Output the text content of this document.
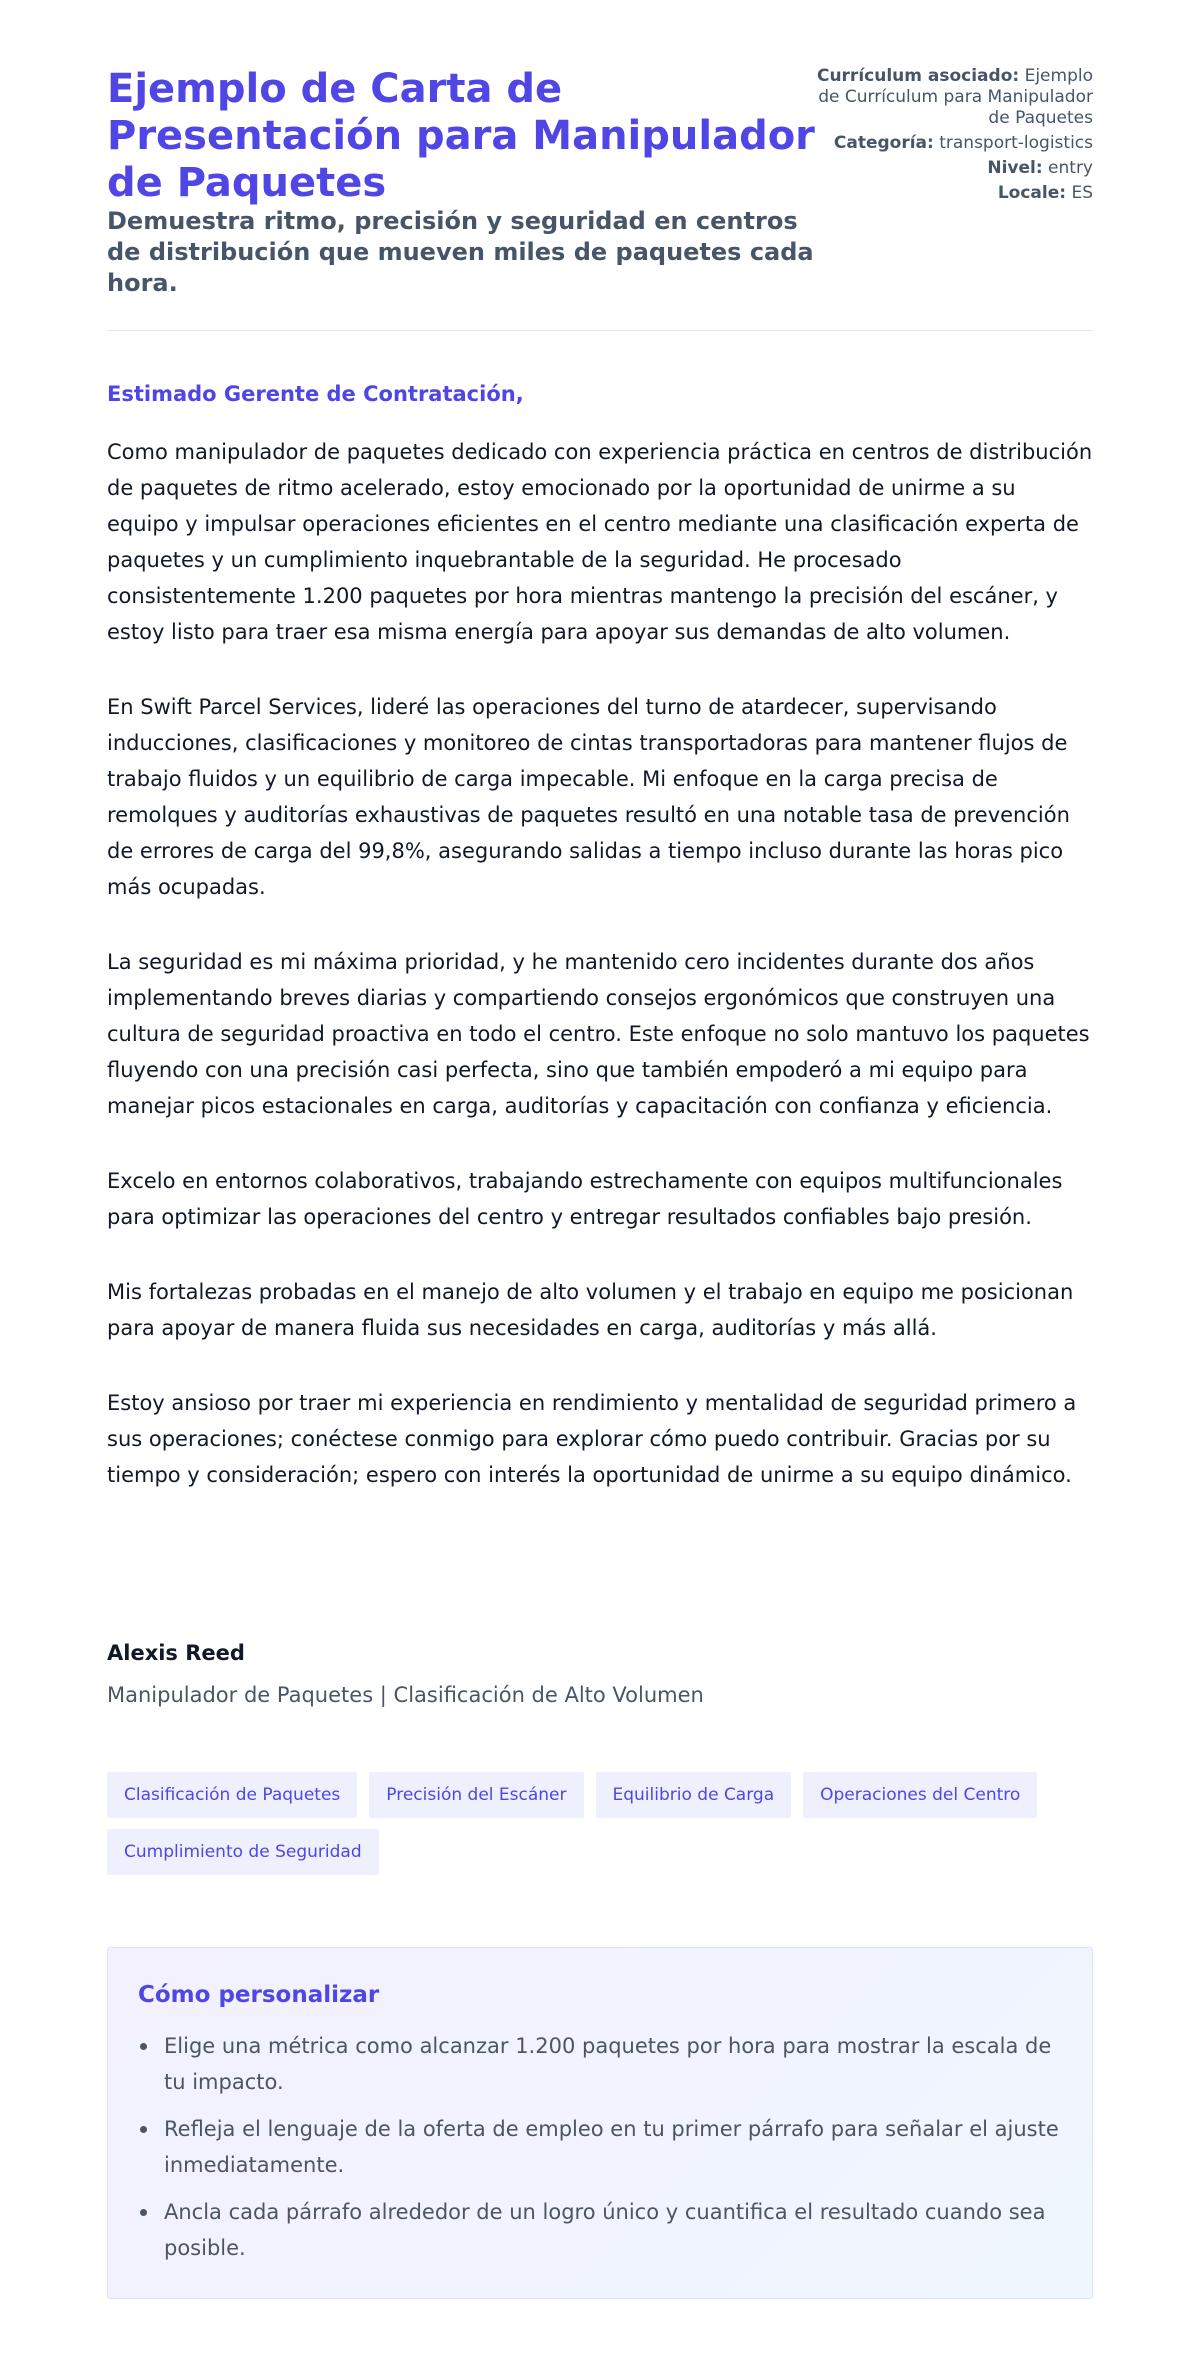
Ejemplo de Carta de Presentación para Manipulador de Paquetes
Demuestra ritmo, precisión y seguridad en centros de distribución que mueven miles de paquetes cada hora.
Currículum asociado: Ejemplo de Currículum para Manipulador de Paquetes
Categoría: transport-logistics
Nivel: entry
Locale: ES
Estimado Gerente de Contratación,

Como manipulador de paquetes dedicado con experiencia práctica en centros de distribución de paquetes de ritmo acelerado, estoy emocionado por la oportunidad de unirme a su equipo y impulsar operaciones eficientes en el centro mediante una clasificación experta de paquetes y un cumplimiento inquebrantable de la seguridad. He procesado consistentemente 1.200 paquetes por hora mientras mantengo la precisión del escáner, y estoy listo para traer esa misma energía para apoyar sus demandas de alto volumen.

En Swift Parcel Services, lideré las operaciones del turno de atardecer, supervisando inducciones, clasificaciones y monitoreo de cintas transportadoras para mantener flujos de trabajo fluidos y un equilibrio de carga impecable. Mi enfoque en la carga precisa de remolques y auditorías exhaustivas de paquetes resultó en una notable tasa de prevención de errores de carga del 99,8%, asegurando salidas a tiempo incluso durante las horas pico más ocupadas.

La seguridad es mi máxima prioridad, y he mantenido cero incidentes durante dos años implementando breves diarias y compartiendo consejos ergonómicos que construyen una cultura de seguridad proactiva en todo el centro. Este enfoque no solo mantuvo los paquetes fluyendo con una precisión casi perfecta, sino que también empoderó a mi equipo para manejar picos estacionales en carga, auditorías y capacitación con confianza y eficiencia.

Excelo en entornos colaborativos, trabajando estrechamente con equipos multifuncionales para optimizar las operaciones del centro y entregar resultados confiables bajo presión.

Mis fortalezas probadas en el manejo de alto volumen y el trabajo en equipo me posicionan para apoyar de manera fluida sus necesidades en carga, auditorías y más allá.

Estoy ansioso por traer mi experiencia en rendimiento y mentalidad de seguridad primero a sus operaciones; conéctese conmigo para explorar cómo puedo contribuir. Gracias por su tiempo y consideración; espero con interés la oportunidad de unirme a su equipo dinámico.

Alexis Reed
Manipulador de Paquetes | Clasificación de Alto Volumen
Clasificación de Paquetes	Precisión del Escáner	Equilibrio de Carga	Operaciones del Centro
Cumplimiento de Seguridad
Cómo personalizar
Elige una métrica como alcanzar 1.200 paquetes por hora para mostrar la escala de tu impacto.
Refleja el lenguaje de la oferta de empleo en tu primer párrafo para señalar el ajuste inmediatamente.
Ancla cada párrafo alrededor de un logro único y cuantifica el resultado cuando sea posible.
